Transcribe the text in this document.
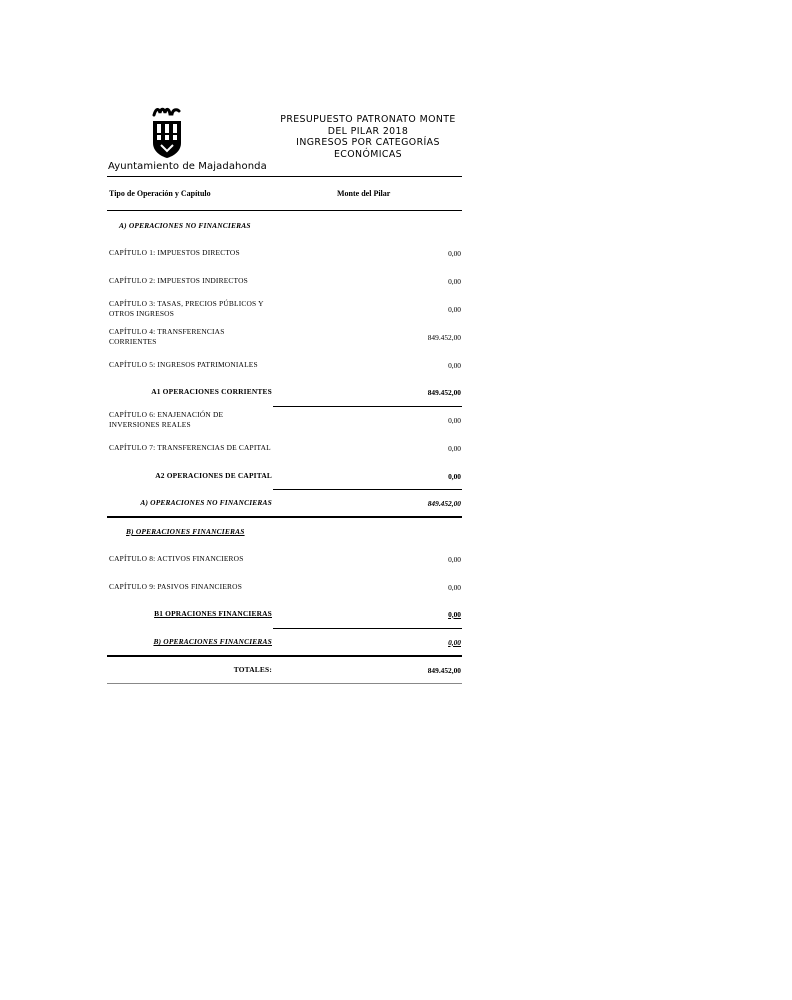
Ayuntamiento de Majadahonda
PRESUPUESTO PATRONATO MONTE
DEL PILAR 2018
INGRESOS POR CATEGORÍAS
ECONÓMICAS
Tipo de Operación y Capítulo	Monte del Pilar
A) OPERACIONES NO FINANCIERAS
CAPÍTULO 1: IMPUESTOS DIRECTOS	0,00
CAPÍTULO 2: IMPUESTOS INDIRECTOS	0,00
CAPÍTULO 3: TASAS, PRECIOS PÚBLICOS Y OTROS INGRESOS	0,00
CAPÍTULO 4: TRANSFERENCIAS CORRIENTES	849.452,00
CAPÍTULO 5: INGRESOS PATRIMONIALES	0,00
A1 OPERACIONES CORRIENTES	849.452,00
CAPÍTULO 6: ENAJENACIÓN DE INVERSIONES REALES	0,00
CAPÍTULO 7: TRANSFERENCIAS DE CAPITAL	0,00
A2 OPERACIONES DE CAPITAL	0,00
A) OPERACIONES NO FINANCIERAS	849.452,00
B) OPERACIONES FINANCIERAS
CAPÍTULO 8: ACTIVOS FINANCIEROS	0,00
CAPÍTULO 9: PASIVOS FINANCIEROS	0,00
B1 OPRACIONES FINANCIERAS	0,00
B) OPERACIONES FINANCIERAS	0,00
TOTALES:	849.452,00
